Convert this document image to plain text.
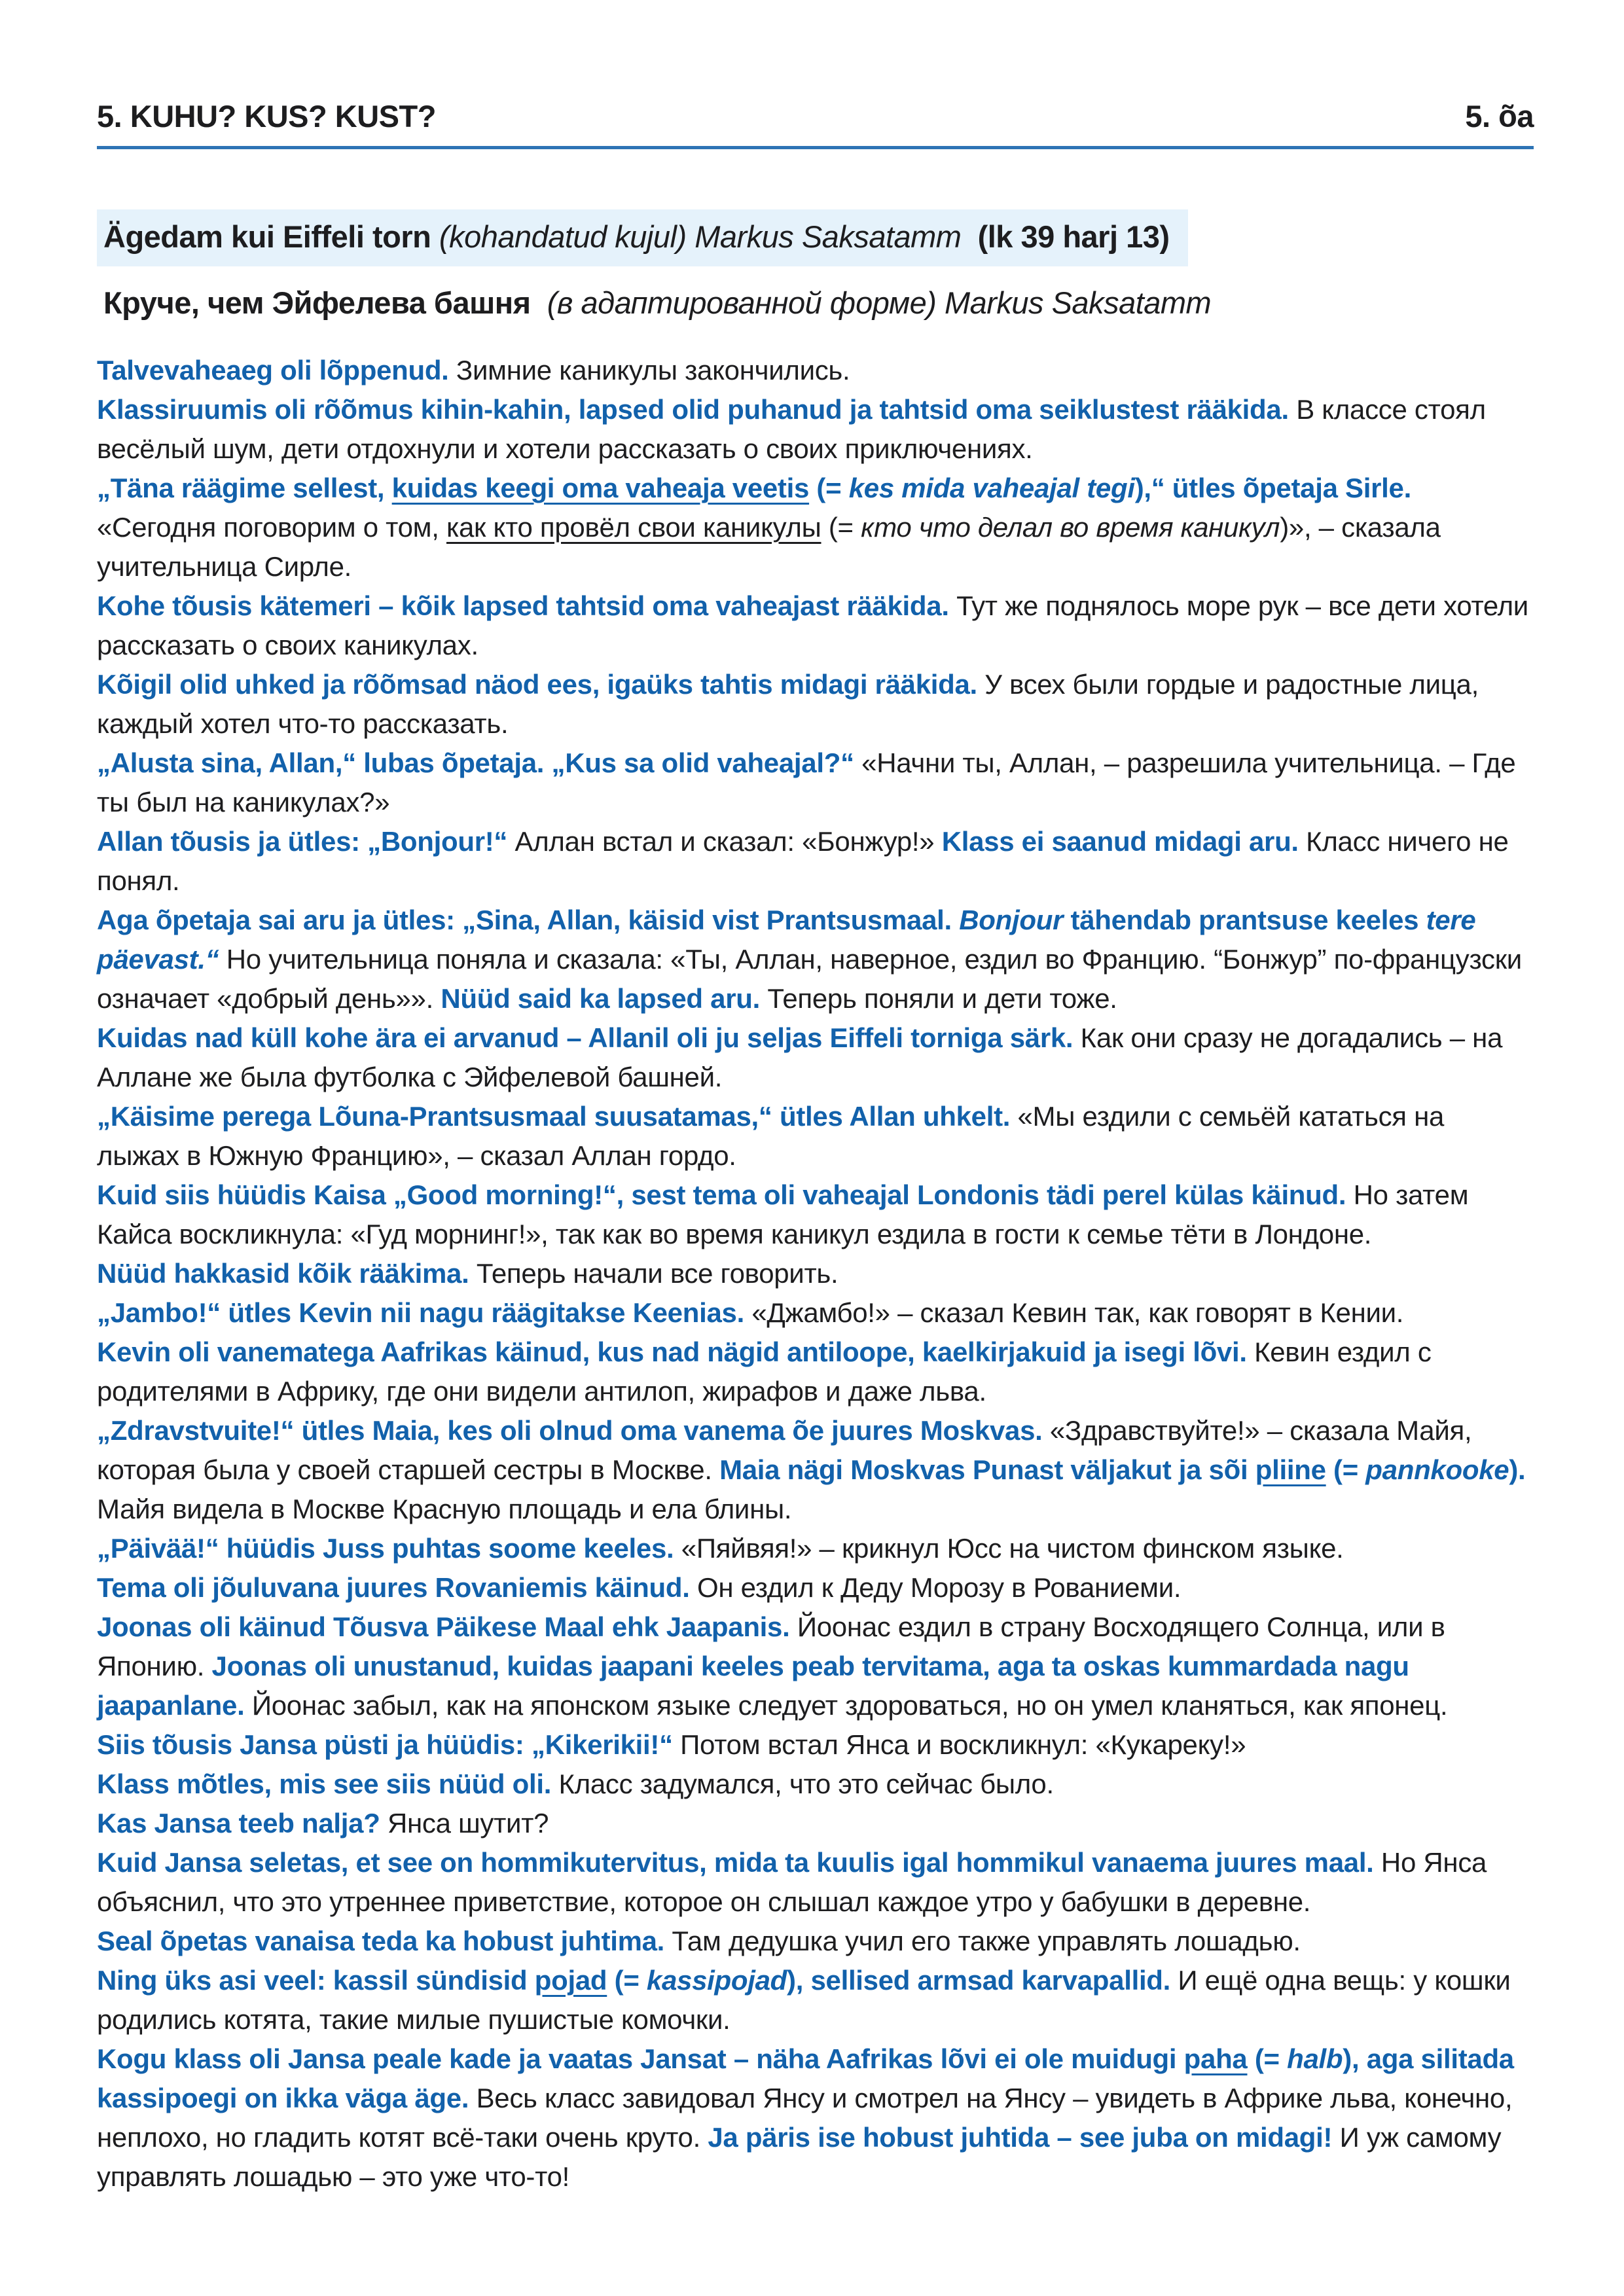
5. KUHU? KUS? KUST?	5. õa
Ägedam kui Eiffeli torn (kohandatud kujul) Markus Saksatamm (lk 39 harj 13)
Круче, чем Эйфелева башня (в адаптированной форме) Markus Saksatamm

Talvevaheaeg oli lõppenud. Зимние каникулы закончились.

Klassiruumis oli rõõmus kihin-kahin, lapsed olid puhanud ja tahtsid oma seiklustest rääkida. В классе стоял весёлый шум, дети отдохнули и хотели рассказать о своих приключениях.

„Täna räägime sellest, kuidas keegi oma vaheaja veetis (= kes mida vaheajal tegi),“ ütles õpetaja Sirle. «Сегодня поговорим о том, как кто провёл свои каникулы (= кто что делал во время каникул)», – сказала учительница Сирле.

Kohe tõusis kätemeri – kõik lapsed tahtsid oma vaheajast rääkida. Тут же поднялось море рук – все дети хотели рассказать о своих каникулах.

Kõigil olid uhked ja rõõmsad näod ees, igaüks tahtis midagi rääkida. У всех были гордые и радостные лица, каждый хотел что-то рассказать.

„Alusta sina, Allan,“ lubas õpetaja. „Kus sa olid vaheajal?“ «Начни ты, Аллан, – разрешила учительница. – Где ты был на каникулах?»

Allan tõusis ja ütles: „Bonjour!“ Аллан встал и сказал: «Бонжур!» Klass ei saanud midagi aru. Класс ничего не понял.

Aga õpetaja sai aru ja ütles: „Sina, Allan, käisid vist Prantsusmaal. Bonjour tähendab prantsuse keeles tere päevast.“ Но учительница поняла и сказала: «Ты, Аллан, наверное, ездил во Францию. “Бонжур” по-французски означает «добрый день»». Nüüd said ka lapsed aru. Теперь поняли и дети тоже.

Kuidas nad küll kohe ära ei arvanud – Allanil oli ju seljas Eiffeli torniga särk. Как они сразу не догадались – на Аллане же была футболка с Эйфелевой башней.

„Käisime perega Lõuna-Prantsusmaal suusatamas,“ ütles Allan uhkelt. «Мы ездили с семьёй кататься на лыжах в Южную Францию», – сказал Аллан гордо.

Kuid siis hüüdis Kaisa „Good morning!“, sest tema oli vaheajal Londonis tädi perel külas käinud. Но затем Кайса воскликнула: «Гуд морнинг!», так как во время каникул ездила в гости к семье тёти в Лондоне.

Nüüd hakkasid kõik rääkima. Теперь начали все говорить.

„Jambo!“ ütles Kevin nii nagu räägitakse Keenias. «Джамбо!» – сказал Кевин так, как говорят в Кении.

Kevin oli vanematega Aafrikas käinud, kus nad nägid antiloope, kaelkirjakuid ja isegi lõvi. Кевин ездил с родителями в Африку, где они видели антилоп, жирафов и даже льва.

„Zdravstvuite!“ ütles Maia, kes oli olnud oma vanema õe juures Moskvas. «Здравствуйте!» – сказала Майя, которая была у своей старшей сестры в Москве. Maia nägi Moskvas Punast väljakut ja sõi pliine (= pannkooke). Майя видела в Москве Красную площадь и ела блины.

„Päivää!“ hüüdis Juss puhtas soome keeles. «Пяйвяя!» – крикнул Юсс на чистом финском языке.

Tema oli jõuluvana juures Rovaniemis käinud. Он ездил к Деду Морозу в Рованиеми.

Joonas oli käinud Tõusva Päikese Maal ehk Jaapanis. Йоонас ездил в страну Восходящего Солнца, или в Японию. Joonas oli unustanud, kuidas jaapani keeles peab tervitama, aga ta oskas kummardada nagu jaapanlane. Йоонас забыл, как на японском языке следует здороваться, но он умел кланяться, как японец.

Siis tõusis Jansa püsti ja hüüdis: „Kikerikii!“ Потом встал Янса и воскликнул: «Кукареку!»

Klass mõtles, mis see siis nüüd oli. Класс задумался, что это сейчас было.

Kas Jansa teeb nalja? Янса шутит?

Kuid Jansa seletas, et see on hommikutervitus, mida ta kuulis igal hommikul vanaema juures maal. Но Янса объяснил, что это утреннее приветствие, которое он слышал каждое утро у бабушки в деревне.

Seal õpetas vanaisa teda ka hobust juhtima. Там дедушка учил его также управлять лошадью.

Ning üks asi veel: kassil sündisid pojad (= kassipojad), sellised armsad karvapallid. И ещё одна вещь: у кошки родились котята, такие милые пушистые комочки.

Kogu klass oli Jansa peale kade ja vaatas Jansat – näha Aafrikas lõvi ei ole muidugi paha (= halb), aga silitada kassipoegi on ikka väga äge. Весь класс завидовал Янсу и смотрел на Янсу – увидеть в Африке льва, конечно, неплохо, но гладить котят всё-таки очень круто. Ja päris ise hobust juhtida – see juba on midagi! И уж самому управлять лошадью – это уже что-то!
